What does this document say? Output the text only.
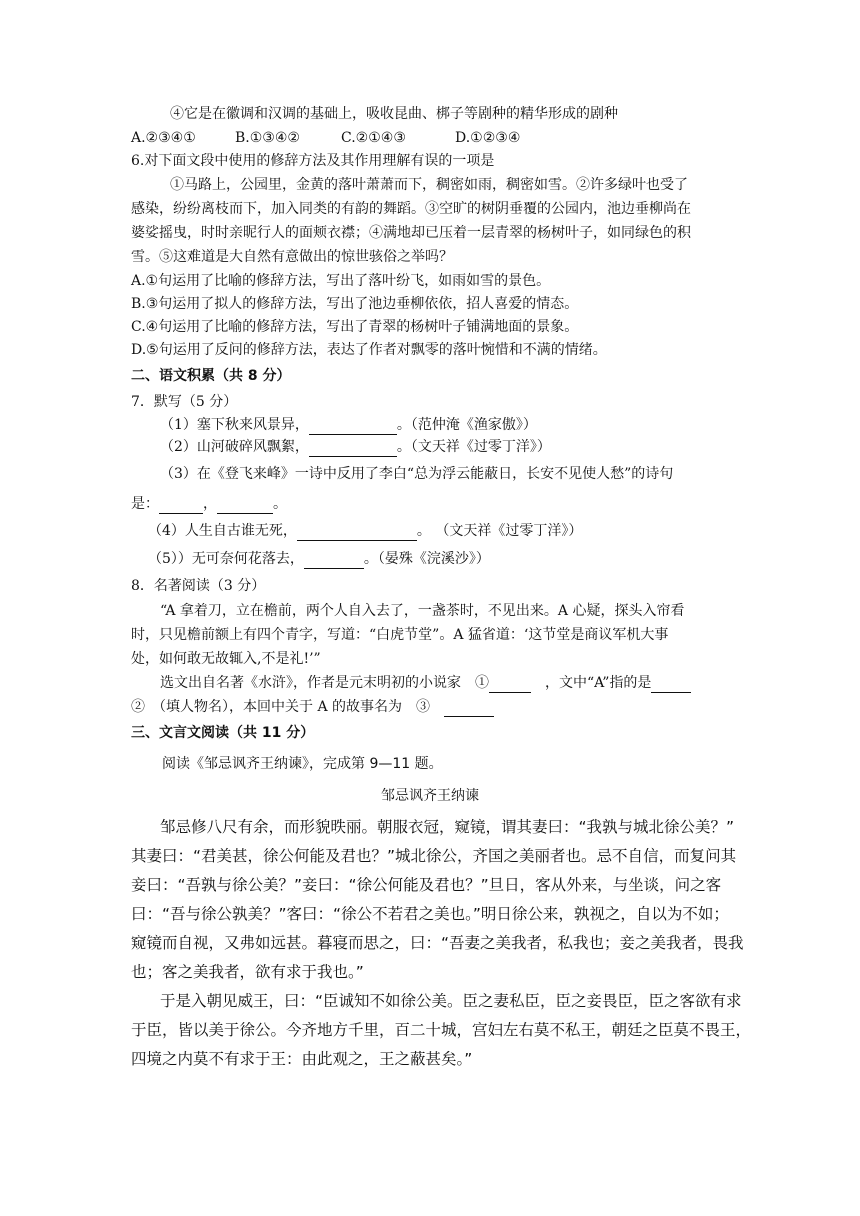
④它是在徽调和汉调的基础上，吸收昆曲、梆子等剧种的精华形成的剧种
A.②③④①	B.①③④②	C.②①④③	D.①②③④
6.对下面文段中使用的修辞方法及其作用理解有误的一项是
①马路上，公园里，金黄的落叶萧萧而下，稠密如雨，稠密如雪。②许多绿叶也受了
感染，纷纷离枝而下，加入同类的有韵的舞蹈。③空旷的树阴垂覆的公园内，池边垂柳尚在
婆娑摇曳，时时亲昵行人的面颊衣襟；④满地却已压着一层青翠的杨树叶子，如同绿色的积
雪。⑤这难道是大自然有意做出的惊世骇俗之举吗？
A.①句运用了比喻的修辞方法，写出了落叶纷飞，如雨如雪的景色。
B.③句运用了拟人的修辞方法，写出了池边垂柳依依，招人喜爱的情态。
C.④句运用了比喻的修辞方法，写出了青翠的杨树叶子铺满地面的景象。
D.⑤句运用了反问的修辞方法，表达了作者对飘零的落叶惋惜和不满的情绪。
二、语文积累（共 8 分）
7．默写（5 分）
（1）塞下秋来风景异，	。（范仲淹《渔家傲》）
（2）山河破碎风飘絮，	。（文天祥《过零丁洋》）
（3）在《登飞来峰》一诗中反用了李白“总为浮云能蔽日，长安不见使人愁”的诗句
是：	，	。
（4）人生自古谁无死，	。 （文天祥《过零丁洋》）
（5））无可奈何花落去，	。（晏殊《浣溪沙》）
8．名著阅读（3 分）
“A 拿着刀，立在檐前，两个人自入去了，一盏茶时，不见出来。A 心疑，探头入帘看
时，只见檐前额上有四个青字，写道：“白虎节堂”。A 猛省道：‘这节堂是商议军机大事
处，如何敢无故辄入,不是礼!’”
选文出自名著《水浒》，作者是元末明初的小说家　①	　，文中“A”指的是
②　（填人物名），本回中关于 A 的故事名为　③　
三、文言文阅读（共 11 分）
阅读《邹忌讽齐王纳谏》，完成第 9—11 题。
邹忌讽齐王纳谏
邹忌修八尺有余，而形貌昳丽。朝服衣冠，窥镜，谓其妻曰：“我孰与城北徐公美？”
其妻曰：“君美甚，徐公何能及君也？”城北徐公，齐国之美丽者也。忌不自信，而复问其
妾曰：“吾孰与徐公美？”妾曰：“徐公何能及君也？”旦日，客从外来，与坐谈，问之客
曰：“吾与徐公孰美？”客曰：“徐公不若君之美也。”明日徐公来，孰视之，自以为不如；
窥镜而自视，又弗如远甚。暮寝而思之，曰：“吾妻之美我者，私我也；妾之美我者，畏我
也；客之美我者，欲有求于我也。”
于是入朝见威王，曰：“臣诚知不如徐公美。臣之妻私臣，臣之妾畏臣，臣之客欲有求
于臣，皆以美于徐公。今齐地方千里，百二十城，宫妇左右莫不私王，朝廷之臣莫不畏王，
四境之内莫不有求于王：由此观之，王之蔽甚矣。”
